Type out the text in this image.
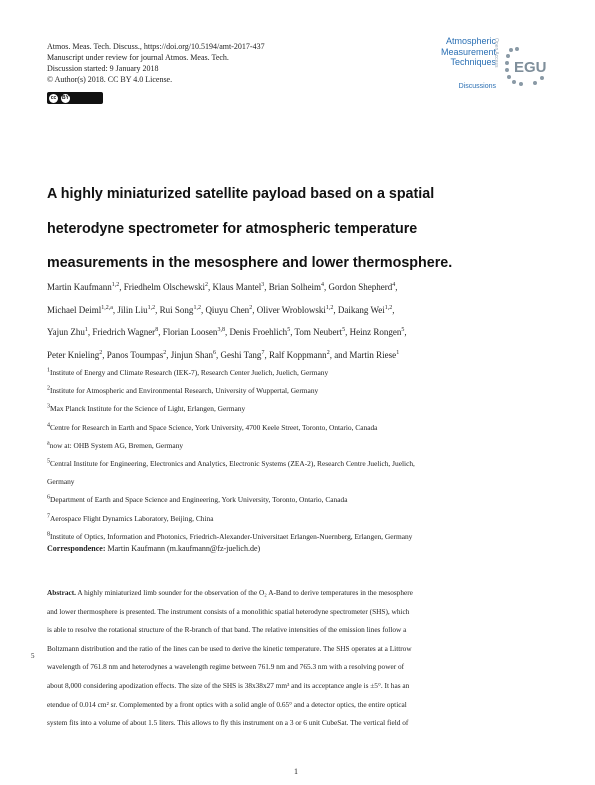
Atmos. Meas. Tech. Discuss., https://doi.org/10.5194/amt-2017-437
Manuscript under review for journal Atmos. Meas. Tech.
Discussion started: 9 January 2018
© Author(s) 2018. CC BY 4.0 License.
cc	BY
Atmospheric
Measurement
Techniques
Discussions
Open Access
EGU
A highly miniaturized satellite payload based on a spatial
heterodyne spectrometer for atmospheric temperature
measurements in the mesosphere and lower thermosphere.
Martin Kaufmann$^{1,2}$, Friedhelm Olschewski$^2$, Klaus Mantel$^3$, Brian Solheim$^4$, Gordon Shepherd$^4$,
Michael Deiml$^{1,2,a}$, Jilin Liu$^{1,2}$, Rui Song$^{1,2}$, Qiuyu Chen$^2$, Oliver Wroblowski$^{1,2}$, Daikang Wei$^{1,2}$,
Yajun Zhu$^1$, Friedrich Wagner$^8$, Florian Loosen$^{3,8}$, Denis Froehlich$^5$, Tom Neubert$^5$, Heinz Rongen$^5$,
Peter Knieling$^2$, Panos Toumpas$^2$, Jinjun Shan$^6$, Geshi Tang$^7$, Ralf Koppmann$^2$, and Martin Riese$^1$
$^1$Institute of Energy and Climate Research (IEK-7), Research Center Juelich, Juelich, Germany
$^2$Institute for Atmospheric and Environmental Research, University of Wuppertal, Germany
$^3$Max Planck Institute for the Science of Light, Erlangen, Germany
$^4$Centre for Research in Earth and Space Science, York University, 4700 Keele Street, Toronto, Ontario, Canada
$^a$now at: OHB System AG, Bremen, Germany
$^5$Central Institute for Engineering, Electronics and Analytics, Electronic Systems (ZEA-2), Research Centre Juelich, Juelich,
Germany
$^6$Department of Earth and Space Science and Engineering, York University, Toronto, Ontario, Canada
$^7$Aerospace Flight Dynamics Laboratory, Beijing, China
$^8$Institute of Optics, Information and Photonics, Friedrich-Alexander-Universitaet Erlangen-Nuernberg, Erlangen, Germany
Correspondence: Martin Kaufmann (m.kaufmann@fz-juelich.de)
Abstract. A highly miniaturized limb sounder for the observation of the O₂ A-Band to derive temperatures in the mesosphere
and lower thermosphere is presented. The instrument consists of a monolithic spatial heterodyne spectrometer (SHS), which
is able to resolve the rotational structure of the R-branch of that band. The relative intensities of the emission lines follow a
Boltzmann distribution and the ratio of the lines can be used to derive the kinetic temperature. The SHS operates at a Littrow
wavelength of 761.8 nm and heterodynes a wavelength regime between 761.9 nm and 765.3 nm with a resolving power of
about 8,000 considering apodization effects. The size of the SHS is 38x38x27 mm³ and its acceptance angle is ±5°. It has an
etendue of 0.014 cm² sr. Complemented by a front optics with a solid angle of 0.65° and a detector optics, the entire optical
system fits into a volume of about 1.5 liters. This allows to fly this instrument on a 3 or 6 unit CubeSat. The vertical field of
5
1
